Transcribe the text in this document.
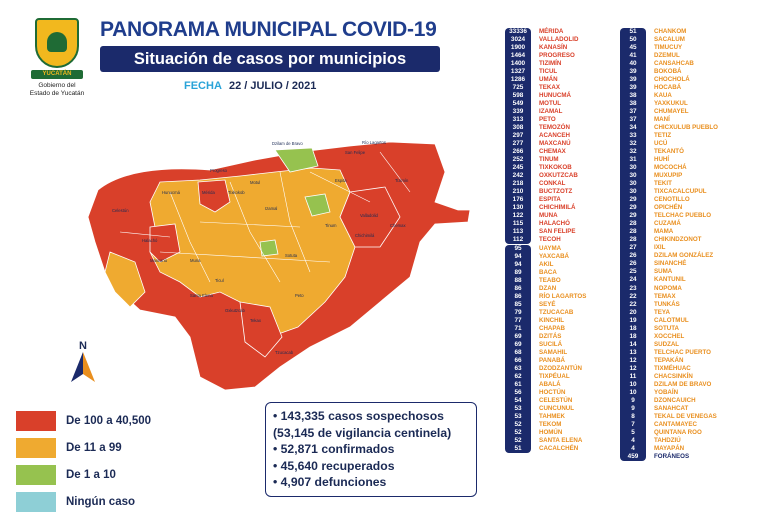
YUCATÁN
Gobierno del
Estado de Yucatán
PANORAMA MUNICIPAL COVID-19
Situación de casos por municipios
FECHA 22 / JULIO / 2021
Dzilam de Bravo	Río Lagartos
San Felipe
Progreso
Mérida
Valladolid
Tizimín
Tekax
Peto
Tzucacab
Oxkutzcab
Ticul
Maxcanú
Halachó
Celestún
Hunucmá
Motul
Izamal
Espita
Chemax
Santa Elena
Muna
Tinum
Chichimilá
Sotuta
Tixkokob
N
De 100 a 40,500
De 11 a 99
De 1 a 10
Ningún caso
• 143,335 casos sospechosos
(53,145 de vigilancia centinela)
• 52,871 confirmados
• 45,640 recuperados
• 4,907 defunciones
33336	MÉRIDA
3024	VALLADOLID
1900	KANASÍN
1464	PROGRESO
1400	TIZIMÍN
1327	TICUL
1286	UMÁN
725	TEKAX
598	HUNUCMÁ
549	MOTUL
339	IZAMAL
313	PETO
308	TEMOZÓN
297	ACANCEH
277	MAXCANÚ
266	CHEMAX
252	TINUM
245	TIXKOKOB
242	OXKUTZCAB
218	CONKAL
210	BUCTZOTZ
176	ESPITA
130	CHICHIMILÁ
122	MUNA
115	HALACHÓ
113	SAN FELIPE
112	TECOH
95	UAYMA
94	YAXCABÁ
94	AKIL
89	BACA
88	TEABO
86	DZAN
86	RÍO LAGARTOS
85	SEYÉ
79	TZUCACAB
77	KINCHIL
71	CHAPAB
69	DZITÁS
69	SUCILÁ
68	SAMAHIL
66	PANABÁ
63	DZODZANTÚN
62	TIXPÉUAL
61	ABALÁ
56	HOCTÚN
54	CELESTÚN
53	CUNCUNUL
53	TAHMEK
52	TEKOM
52	HOMÚN
52	SANTA ELENA
51	CACALCHÉN
51	CHANKOM
50	SACALUM
45	TIMUCUY
41	DZEMUL
40	CANSAHCAB
39	BOKOBÁ
39	CHOCHOLÁ
39	HOCABÁ
38	KAUA
38	YAXKUKUL
37	CHUMAYEL
37	MANÍ
34	CHICXULUB PUEBLO
33	TETIZ
32	UCÚ
32	TEKANTÓ
31	HUHÍ
30	MOCOCHÁ
30	MUXUPIP
30	TEKIT
30	TIXCACALCUPUL
29	CENOTILLO
29	OPICHÉN
29	TELCHAC PUEBLO
28	CUZAMÁ
28	MAMA
28	CHIKINDZONOT
27	IXIL
26	DZILAM GONZÁLEZ
26	SINANCHÉ
25	SUMA
24	KANTUNIL
23	NOPOMA
22	TEMAX
22	TUNKÁS
20	TEYA
19	CALOTMUL
18	SOTUTA
18	XOCCHEL
14	SUDZAL
13	TELCHAC PUERTO
12	TEPAKÁN
12	TIXMÉHUAC
11	CHACSINKÍN
10	DZILAM DE BRAVO
10	YOBAÍN
9	DZONCAUICH
9	SANAHCAT
8	TEKAL DE VENEGAS
7	CANTAMAYEC
5	QUINTANA ROO
4	TAHDZIÚ
4	MAYAPÁN
459	FORÁNEOS
